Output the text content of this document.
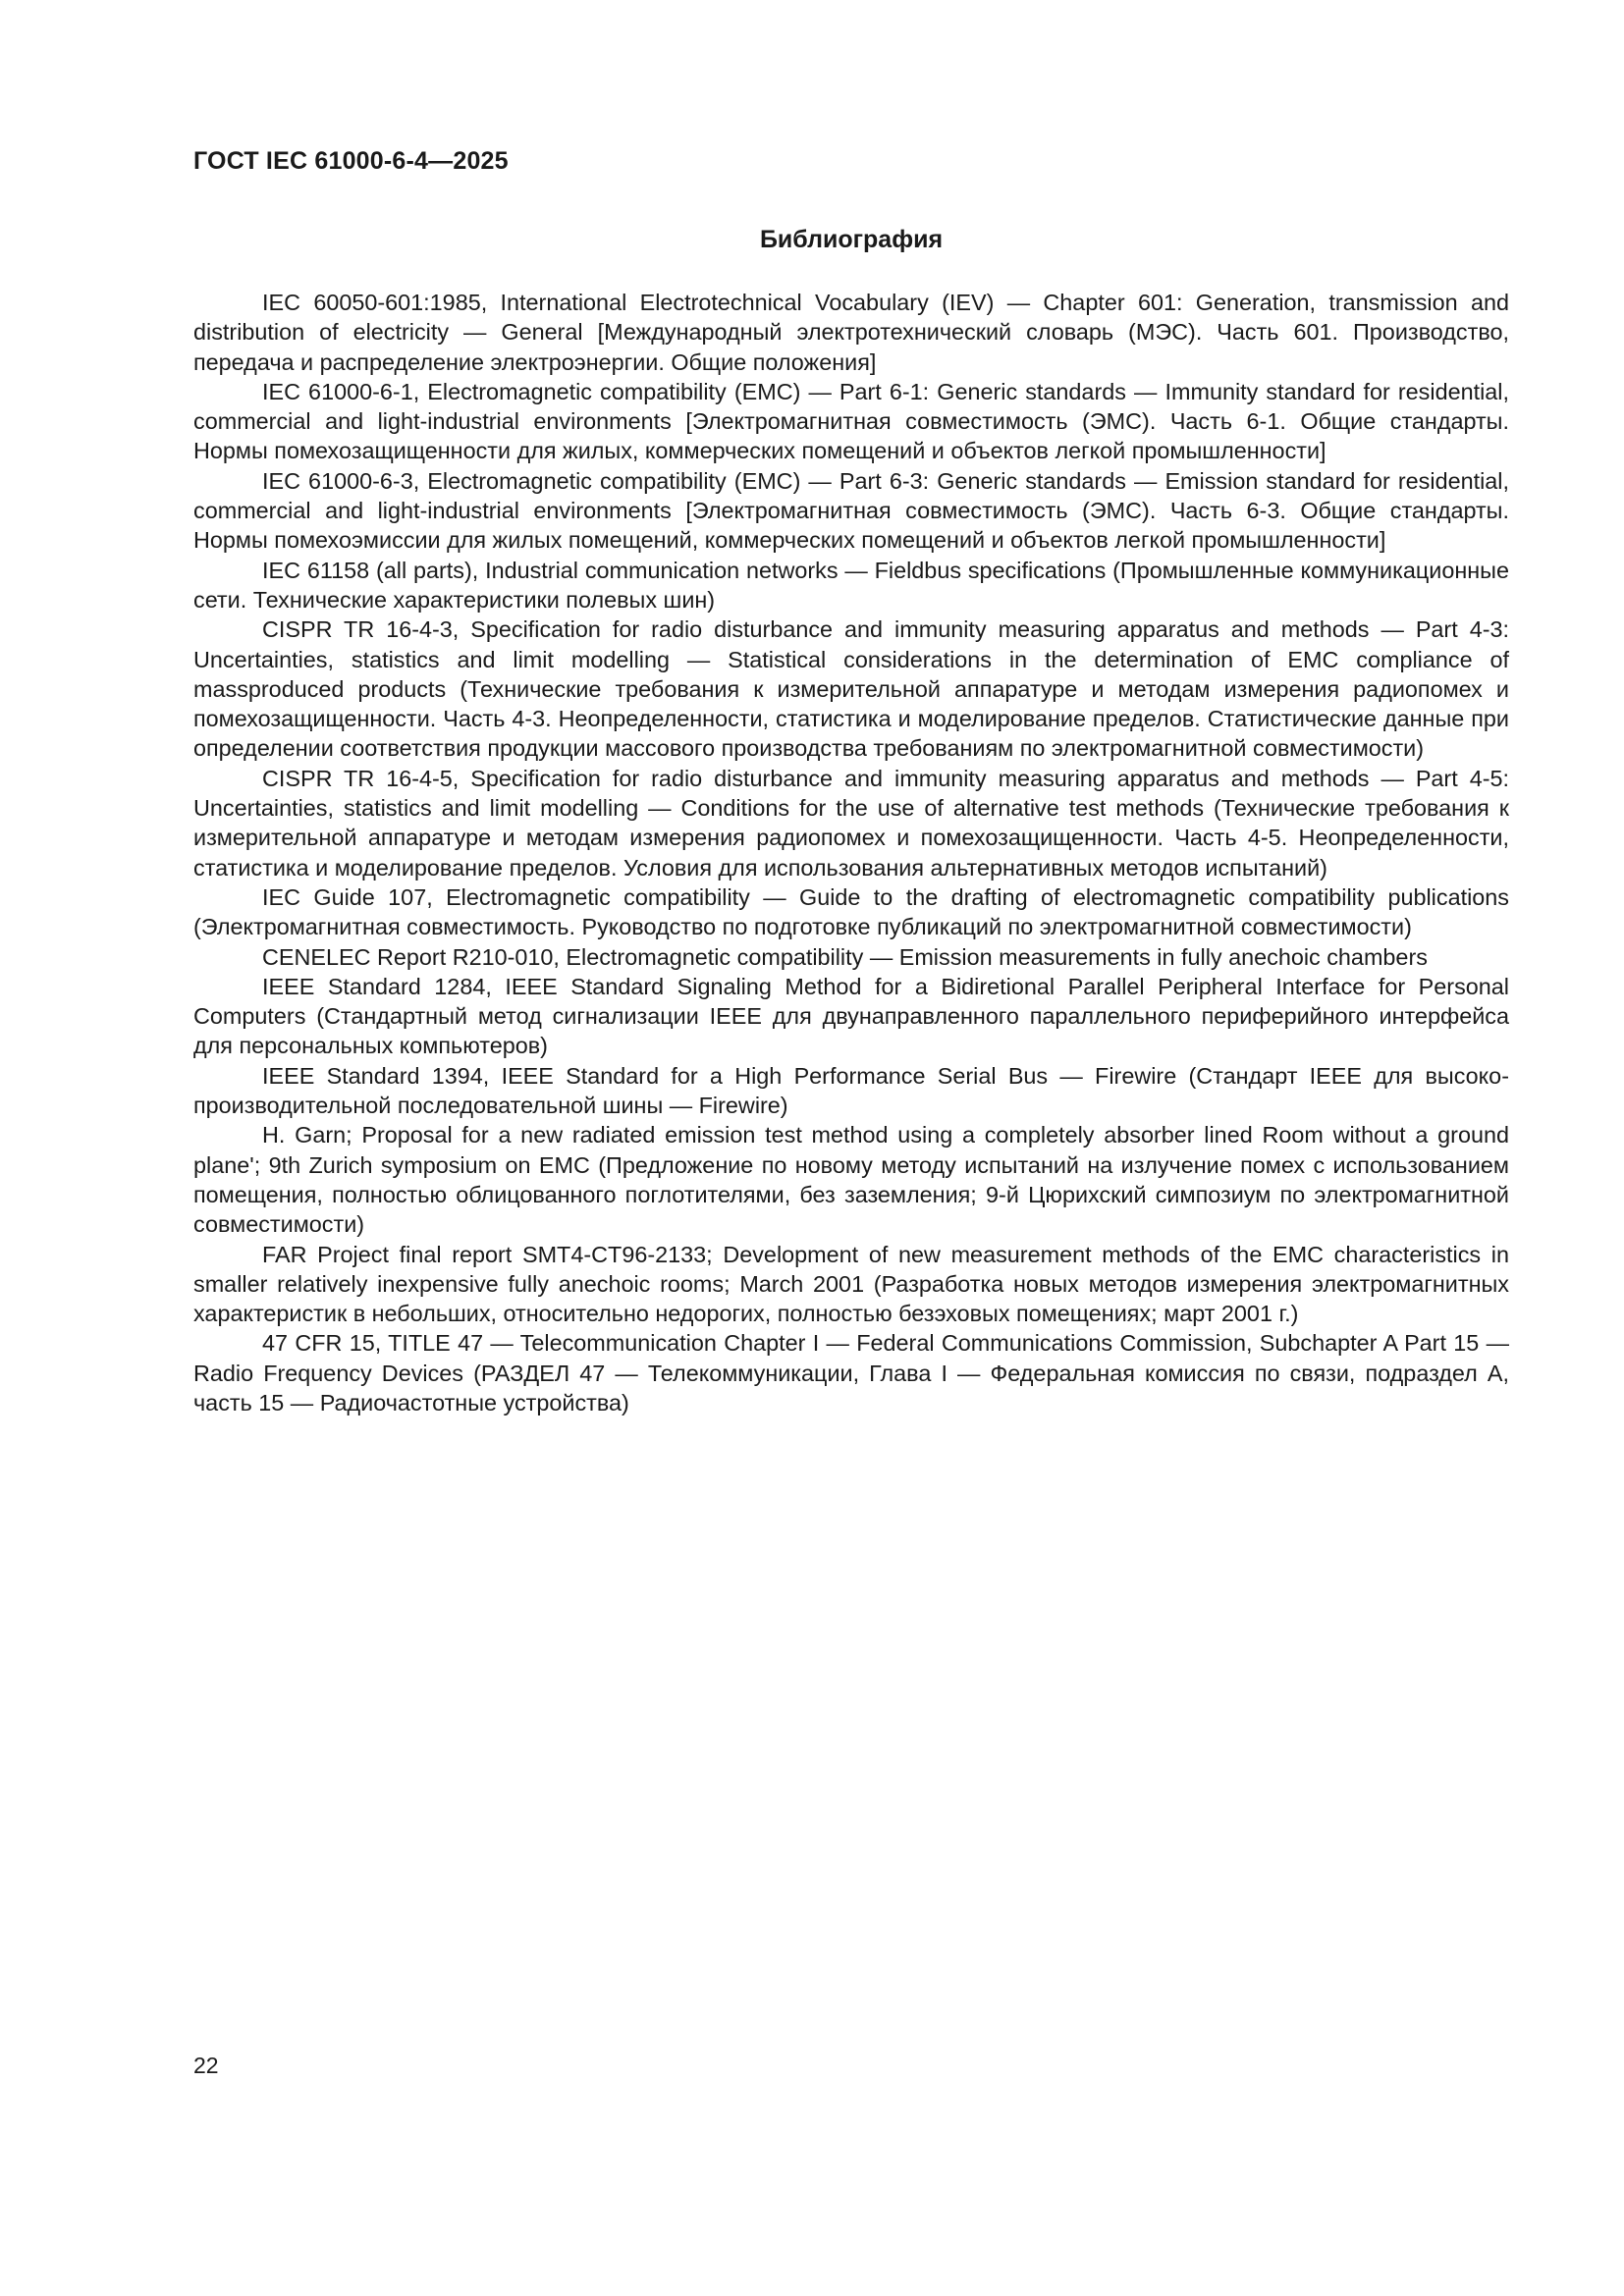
ГОСТ IEC 61000-6-4—2025
Библиография
IEC 60050-601:1985, International Electrotechnical Vocabulary (IEV) — Chapter 601: Generation, transmission and distribution of electricity — General [Международный электротехнический словарь (МЭС). Часть 601. Производство, передача и распределение электроэнергии. Общие положения]
IEC 61000-6-1, Electromagnetic compatibility (EMC) — Part 6-1: Generic standards — Immunity standard for residential, commercial and light-industrial environments [Электромагнитная совместимость (ЭМС). Часть 6-1. Общие стандарты. Нормы помехозащищенности для жилых, коммерческих помещений и объектов легкой промышленности]
IEC 61000-6-3, Electromagnetic compatibility (EMC) — Part 6-3: Generic standards — Emission standard for residential, commercial and light-industrial environments [Электромагнитная совместимость (ЭМС). Часть 6-3. Общие стандарты. Нормы помехоэмиссии для жилых помещений, коммерческих помещений и объектов легкой промышленности]
IEC 61158 (all parts), Industrial communication networks — Fieldbus specifications (Промышленные коммуникационные сети. Технические характеристики полевых шин)
CISPR TR 16-4-3, Specification for radio disturbance and immunity measuring apparatus and methods — Part 4-3: Uncertainties, statistics and limit modelling — Statistical considerations in the determination of EMC compliance of massproduced products (Технические требования к измерительной аппаратуре и методам измерения радиопомех и помехозащищенности. Часть 4-3. Неопределенности, статистика и моделирование пределов. Статистические данные при определении соответствия продукции массового производства требованиям по электромагнитной совместимости)
CISPR TR 16-4-5, Specification for radio disturbance and immunity measuring apparatus and methods — Part 4-5: Uncertainties, statistics and limit modelling — Conditions for the use of alternative test methods (Технические требования к измерительной аппаратуре и методам измерения радиопомех и помехозащищенности. Часть 4-5. Неопределенности, статистика и моделирование пределов. Условия для использования альтернативных методов испытаний)
IEC Guide 107, Electromagnetic compatibility — Guide to the drafting of electromagnetic compatibility publications (Электромагнитная совместимость. Руководство по подготовке публикаций по электромагнитной совместимости)
CENELEC Report R210-010, Electromagnetic compatibility — Emission measurements in fully anechoic chambers
IEEE Standard 1284, IEEE Standard Signaling Method for a Bidiretional Parallel Peripheral Interface for Personal Computers (Стандартный метод сигнализации IEEE для двунаправленного параллельного периферийного интерфейса для персональных компьютеров)
IEEE Standard 1394, IEEE Standard for a High Performance Serial Bus — Firewire (Стандарт IEEE для высокопроизводительной последовательной шины — Firewire)
H. Garn; Proposal for a new radiated emission test method using a completely absorber lined Room without a ground plane'; 9th Zurich symposium on EMC (Предложение по новому методу испытаний на излучение помех с использованием помещения, полностью облицованного поглотителями, без заземления; 9-й Цюрихский симпозиум по электромагнитной совместимости)
FAR Project final report SMT4-CT96-2133; Development of new measurement methods of the EMC characteristics in smaller relatively inexpensive fully anechoic rooms; March 2001 (Разработка новых методов измерения электромагнитных характеристик в небольших, относительно недорогих, полностью безэховых помещениях; март 2001 г.)
47 CFR 15, TITLE 47 — Telecommunication Chapter I — Federal Communications Commission, Subchapter A Part 15 — Radio Frequency Devices (РАЗДЕЛ 47 — Телекоммуникации, Глава I — Федеральная комиссия по связи, подраздел A, часть 15 — Радиочастотные устройства)
22
